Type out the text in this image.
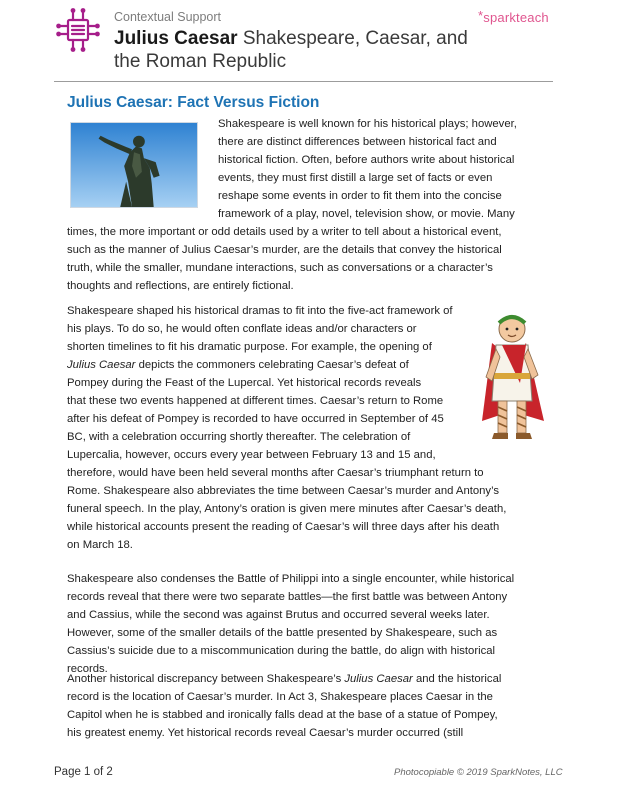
Contextual Support	*sparkteach
Julius Caesar Shakespeare, Caesar, and the Roman Republic
Julius Caesar: Fact Versus Fiction
Shakespeare is well known for his historical plays; however,
there are distinct differences between historical fact and
historical fiction. Often, before authors write about historical
events, they must first distill a large set of facts or even
reshape some events in order to fit them into the concise
framework of a play, novel, television show, or movie. Many
times, the more important or odd details used by a writer to tell about a historical event,
such as the manner of Julius Caesar’s murder, are the details that convey the historical
truth, while the smaller, mundane interactions, such as conversations or a character’s
thoughts and reflections, are entirely fictional.
Shakespeare shaped his historical dramas to fit into the five-act framework of
his plays. To do so, he would often conflate ideas and/or characters or
shorten timelines to fit his dramatic purpose. For example, the opening of
Julius Caesar depicts the commoners celebrating Caesar’s defeat of
Pompey during the Feast of the Lupercal. Yet historical records reveals
that these two events happened at different times. Caesar’s return to Rome
after his defeat of Pompey is recorded to have occurred in September of 45
BC, with a celebration occurring shortly thereafter. The celebration of
Lupercalia, however, occurs every year between February 13 and 15 and,
therefore, would have been held several months after Caesar’s triumphant return to
Rome. Shakespeare also abbreviates the time between Caesar’s murder and Antony’s
funeral speech. In the play, Antony’s oration is given mere minutes after Caesar’s death,
while historical accounts present the reading of Caesar’s will three days after his death
on March 18.
Shakespeare also condenses the Battle of Philippi into a single encounter, while historical
records reveal that there were two separate battles—the first battle was between Antony
and Cassius, while the second was against Brutus and occurred several weeks later.
However, some of the smaller details of the battle presented by Shakespeare, such as
Cassius’s suicide due to a miscommunication during the battle, do align with historical
records.
Another historical discrepancy between Shakespeare’s Julius Caesar and the historical
record is the location of Caesar’s murder. In Act 3, Shakespeare places Caesar in the
Capitol when he is stabbed and ironically falls dead at the base of a statue of Pompey,
his greatest enemy. Yet historical records reveal Caesar’s murder occurred (still
Page 1 of 2	Photocopiable © 2019 SparkNotes, LLC
